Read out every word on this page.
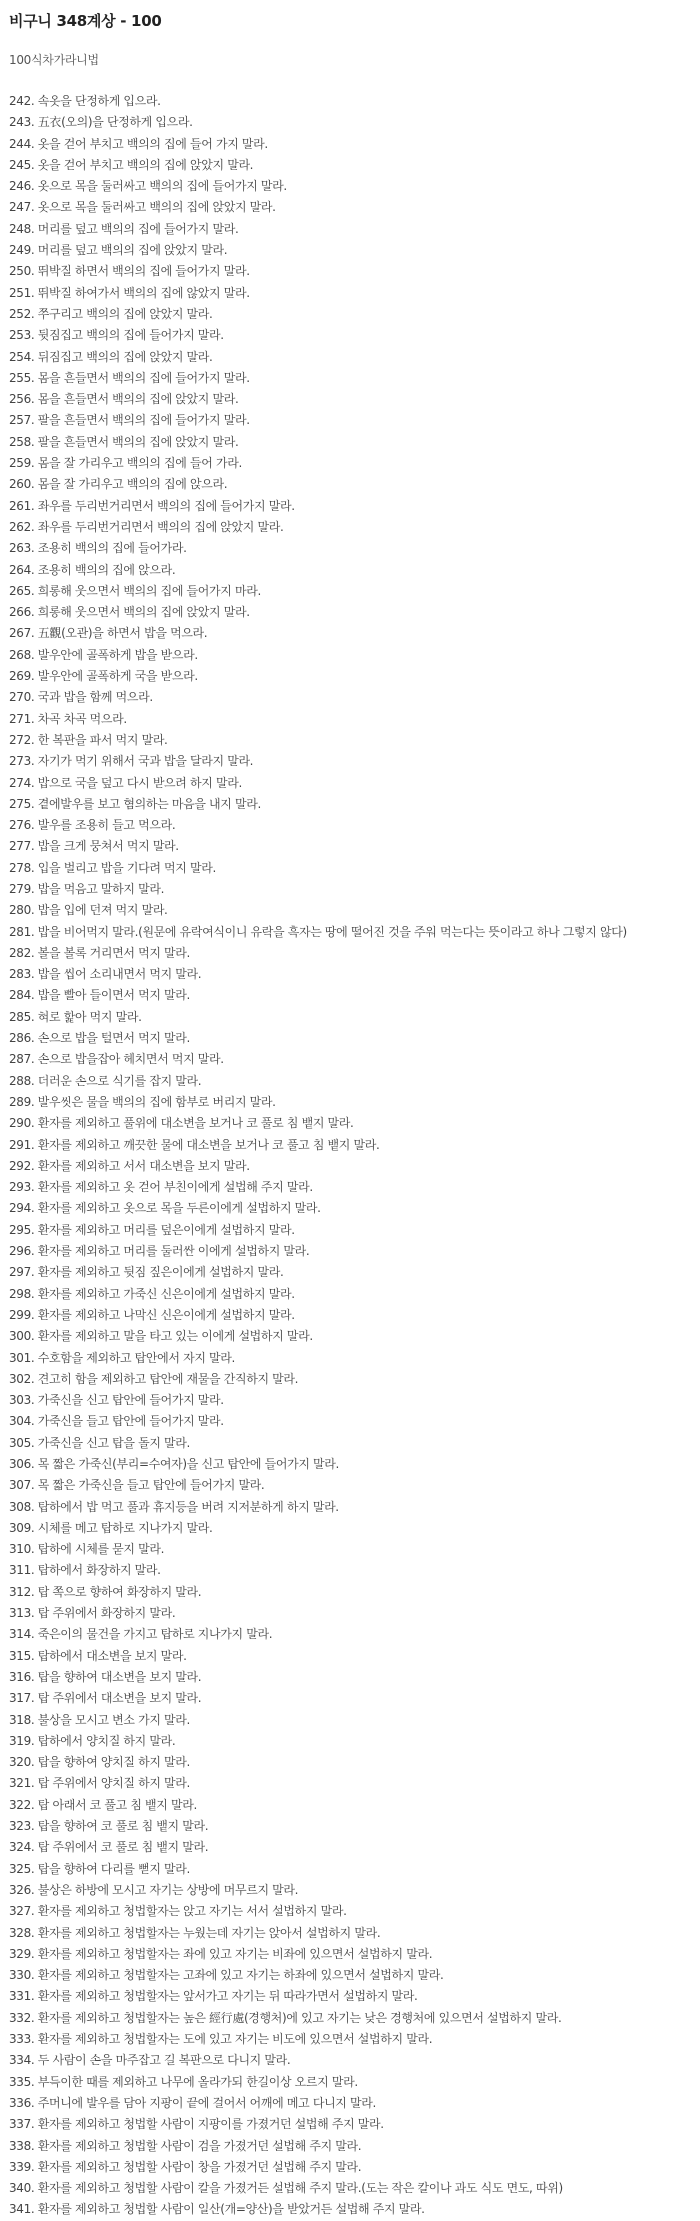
비구니 348계상 - 100
100식차가라니법
242. 속옷을 단정하게 입으라.
243. 五衣(오의)을 단정하게 입으라.
244. 옷을 걷어 부치고 백의의 집에 들어 가지 말라.
245. 옷을 걷어 부치고 백의의 집에 앉았지 말라.
246. 옷으로 목을 둘러싸고 백의의 집에 들어가지 말라.
247. 옷으로 목을 둘러싸고 백의의 집에 앉았지 말라.
248. 머리를 덮고 백의의 집에 들어가지 말라.
249. 머리를 덮고 백의의 집에 앉았지 말라.
250. 뛰박질 하면서 백의의 집에 들어가지 말라.
251. 뛰박질 하여가서 백의의 집에 않았지 말라.
252. 쭈구리고 백의의 집에 앉았지 말라.
253. 뒷짐집고 백의의 집에 들어가지 말라.
254. 뒤짐집고 백의의 집에 앉았지 말라.
255. 몸을 흔들면서 백의의 집에 들어가지 말라.
256. 몸을 흔들면서 백의의 집에 앉았지 말라.
257. 팔을 흔들면서 백의의 집에 들어가지 말라.
258. 팔을 흔들면서 백의의 집에 앉았지 말라.
259. 몸을 잘 가리우고 백의의 집에 들어 가라.
260. 몸을 잘 가리우고 백의의 집에 앉으라.
261. 좌우를 두리번거리면서 백의의 집에 들어가지 말라.
262. 좌우를 두리번거리면서 백의의 집에 앉았지 말라.
263. 조용히 백의의 집에 들어가라.
264. 조용히 백의의 집에 앉으라.
265. 희롱해 웃으면서 백의의 집에 들어가지 마라.
266. 희롱해 웃으면서 백의의 집에 앉았지 말라.
267. 五觀(오관)을 하면서 밥을 먹으라.
268. 발우안에 골폭하게 밥을 받으라.
269. 발우안에 골폭하게 국을 받으라.
270. 국과 밥을 함께 먹으라.
271. 차곡 차곡 먹으라.
272. 한 복판을 파서 먹지 말라.
273. 자기가 먹기 위해서 국과 밥을 달라지 말라.
274. 밥으로 국을 덮고 다시 받으려 하지 말라.
275. 곁에발우를 보고 혐의하는 마음을 내지 말라.
276. 발우를 조용히 들고 먹으라.
277. 밥을 크게 뭉쳐서 먹지 말라.
278. 입을 벌리고 밥을 기다려 먹지 말라.
279. 밥을 먹음고 말하지 말라.
280. 밥을 입에 던져 먹지 말라.
281. 밥을 비어먹지 말라.(원문에 유락여식이니 유락을 흑자는 땅에 떨어진 것을 주워 먹는다는 뜻이라고 하나 그렇지 않다)
282. 볼을 볼록 거리면서 먹지 말라.
283. 밥을 씹어 소리내면서 먹지 말라.
284. 밥을 빨아 들이면서 먹지 말라.
285. 혀로 핥아 먹지 말라.
286. 손으로 밥을 털면서 먹지 말라.
287. 손으로 밥을잡아 헤치면서 먹지 말라.
288. 더러운 손으로 식기를 잡지 말라.
289. 발우씻은 물을 백의의 집에 함부로 버리지 말라.
290. 환자를 제외하고 풀위에 대소변을 보거나 코 풀로 침 뱉지 말라.
291. 환자를 제외하고 깨끗한 물에 대소변을 보거나 코 풀고 침 뱉지 말라.
292. 환자를 제외하고 서서 대소변을 보지 말라.
293. 환자를 제외하고 옷 걷어 부친이에게 설법해 주지 말라.
294. 환자를 제외하고 옷으로 목을 두른이에게 설법하지 말라.
295. 환자를 제외하고 머리를 덮은이에게 설법하지 말라.
296. 환자를 제외하고 머리를 둘러싼 이에게 설법하지 말라.
297. 환자를 제외하고 뒷짐 짚은이에게 설법하지 말라.
298. 환자를 제외하고 가죽신 신은이에게 설법하지 말라.
299. 환자를 제외하고 나막신 신은이에게 설법하지 말라.
300. 환자를 제외하고 말을 타고 있는 이에게 설법하지 말라.
301. 수호함을 제외하고 탑안에서 자지 말라.
302. 견고히 함을 제외하고 탑안에 재물을 간직하지 말라.
303. 가죽신을 신고 탑안에 들어가지 말라.
304. 가죽신을 들고 탑안에 들어가지 말라.
305. 가죽신을 신고 탑을 돌지 말라.
306. 목 짧은 가죽신(부리=수여자)을 신고 탑안에 들어가지 말라.
307. 목 짧은 가죽신을 들고 탑안에 들어가지 말라.
308. 탑하에서 밥 먹고 풀과 휴지등을 버려 지저분하게 하지 말라.
309. 시체를 메고 탑하로 지나가지 말라.
310. 탑하에 시체를 묻지 말라.
311. 탑하에서 화장하지 말라.
312. 탑 쪽으로 향하여 화장하지 말라.
313. 탑 주위에서 화장하지 말라.
314. 죽은이의 물건을 가지고 탑하로 지나가지 말라.
315. 탑하에서 대소변을 보지 말라.
316. 탑을 향하여 대소변을 보지 말라.
317. 탑 주위에서 대소변을 보지 말라.
318. 불상을 모시고 변소 가지 말라.
319. 탑하에서 양치질 하지 말라.
320. 탑을 향하여 양치질 하지 말라.
321. 탑 주위에서 양치질 하지 말라.
322. 탑 아래서 코 풀고 침 뱉지 말라.
323. 탑을 향하여 코 풀로 침 뱉지 말라.
324. 탑 주위에서 코 풀로 침 뱉지 말라.
325. 탑을 향하여 다리를 뻗지 말라.
326. 불상은 하방에 모시고 자기는 상방에 머무르지 말라.
327. 환자를 제외하고 청법할자는 앉고 자기는 서서 설법하지 말라.
328. 환자를 제외하고 청법할자는 누웠는데 자기는 앉아서 설법하지 말라.
329. 환자를 제외하고 청법할자는 좌에 있고 자기는 비좌에 있으면서 설법하지 말라.
330. 환자를 제외하고 청법할자는 고좌에 있고 자기는 하좌에 있으면서 설법하지 말라.
331. 환자를 제외하고 청법할자는 앞서가고 자기는 뒤 따라가면서 설법하지 말라.
332. 환자를 제외하고 청법할자는 높은 經行處(경행처)에 있고 자기는 낮은 경행처에 있으면서 설법하지 말라.
333. 환자를 제외하고 청법할자는 도에 있고 자기는 비도에 있으면서 설법하지 말라.
334. 두 사람이 손을 마주잡고 길 복판으로 다니지 말라.
335. 부득이한 때를 제외하고 나무에 올라가되 한길이상 오르지 말라.
336. 주머니에 발우를 담아 지팡이 끝에 걸어서 어깨에 메고 다니지 말라.
337. 환자를 제외하고 청법할 사람이 지팡이를 가졌거던 설법해 주지 말라.
338. 환자를 제외하고 청법할 사람이 검을 가졌거던 설법해 주지 말라.
339. 환자를 제외하고 청법할 사람이 창을 가졌거던 설법해 주지 말라.
340. 환자를 제외하고 청법할 사람이 칼을 가졌거든 설법해 주지 말라.(도는 작은 칼이나 과도 식도 면도, 따위)
341. 환자를 제외하고 청법할 사람이 일산(개=양산)을 받았거든 설법해 주지 말라.
